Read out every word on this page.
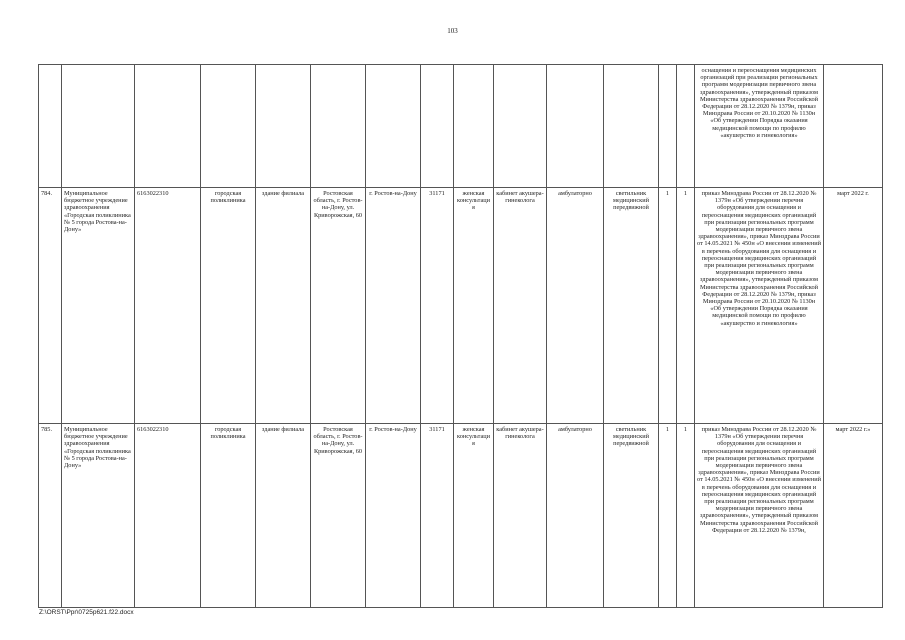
103
														оснащения и переоснащения медицинских организаций при реализации региональных программ модернизации первичного звена здравоохранения», утвержденный приказом Министерства здравоохранения Российской Федерации от 28.12.2020 № 1379н, приказ Минздрава России от 20.10.2020 № 1130н «Об утверждении Порядка оказания медицинской помощи по профилю «акушерство и гинекология»	
784.	Муниципальное бюджетное учреждение здравоохранения «Городская поликлиника № 5 города Ростова-на-Дону»	6163022310	городская поликлиника	здание филиала	Ростовская область, г. Ростов-на-Дону, ул. Криворожская, 60	г. Ростов-на-Дону	31171	женская консультация	кабинет акушера-гинеколога	амбулаторно	светильник медицинский передвижной	1	1	приказ Минздрава России от 28.12.2020 № 1379н «Об утверждении перечня оборудования для оснащения и переоснащения медицинских организаций при реализации региональных программ модернизации первичного звена здравоохранения», приказ Минздрава России от 14.05.2021 № 450н «О внесении изменений в перечень оборудования для оснащения и переоснащения медицинских организаций при реализации региональных программ модернизации первичного звена здравоохранения», утвержденный приказом Министерства здравоохранения Российской Федерации от 28.12.2020 № 1379н, приказ Минздрава России от 20.10.2020 № 1130н «Об утверждении Порядка оказания медицинской помощи по профилю «акушерство и гинекология»	март 2022 г.
785.	Муниципальное бюджетное учреждение здравоохранения «Городская поликлиника № 5 города Ростова-на-Дону»	6163022310	городская поликлиника	здание филиала	Ростовская область, г. Ростов-на-Дону, ул. Криворожская, 60	г. Ростов-на-Дону	31171	женская консультация	кабинет акушера-гинеколога	амбулаторно	светильник медицинский передвижной	1	1	приказ Минздрава России от 28.12.2020 № 1379н «Об утверждении перечня оборудования для оснащения и переоснащения медицинских организаций при реализации региональных программ модернизации первичного звена здравоохранения», приказ Минздрава России от 14.05.2021 № 450н «О внесении изменений в перечень оборудования для оснащения и переоснащения медицинских организаций при реализации региональных программ модернизации первичного звена здравоохранения», утвержденный приказом Министерства здравоохранения Российской Федерации от 28.12.2020 № 1379н,	март 2022 г.»
Z:\ORST\Ppr\0725p621.f22.docx
